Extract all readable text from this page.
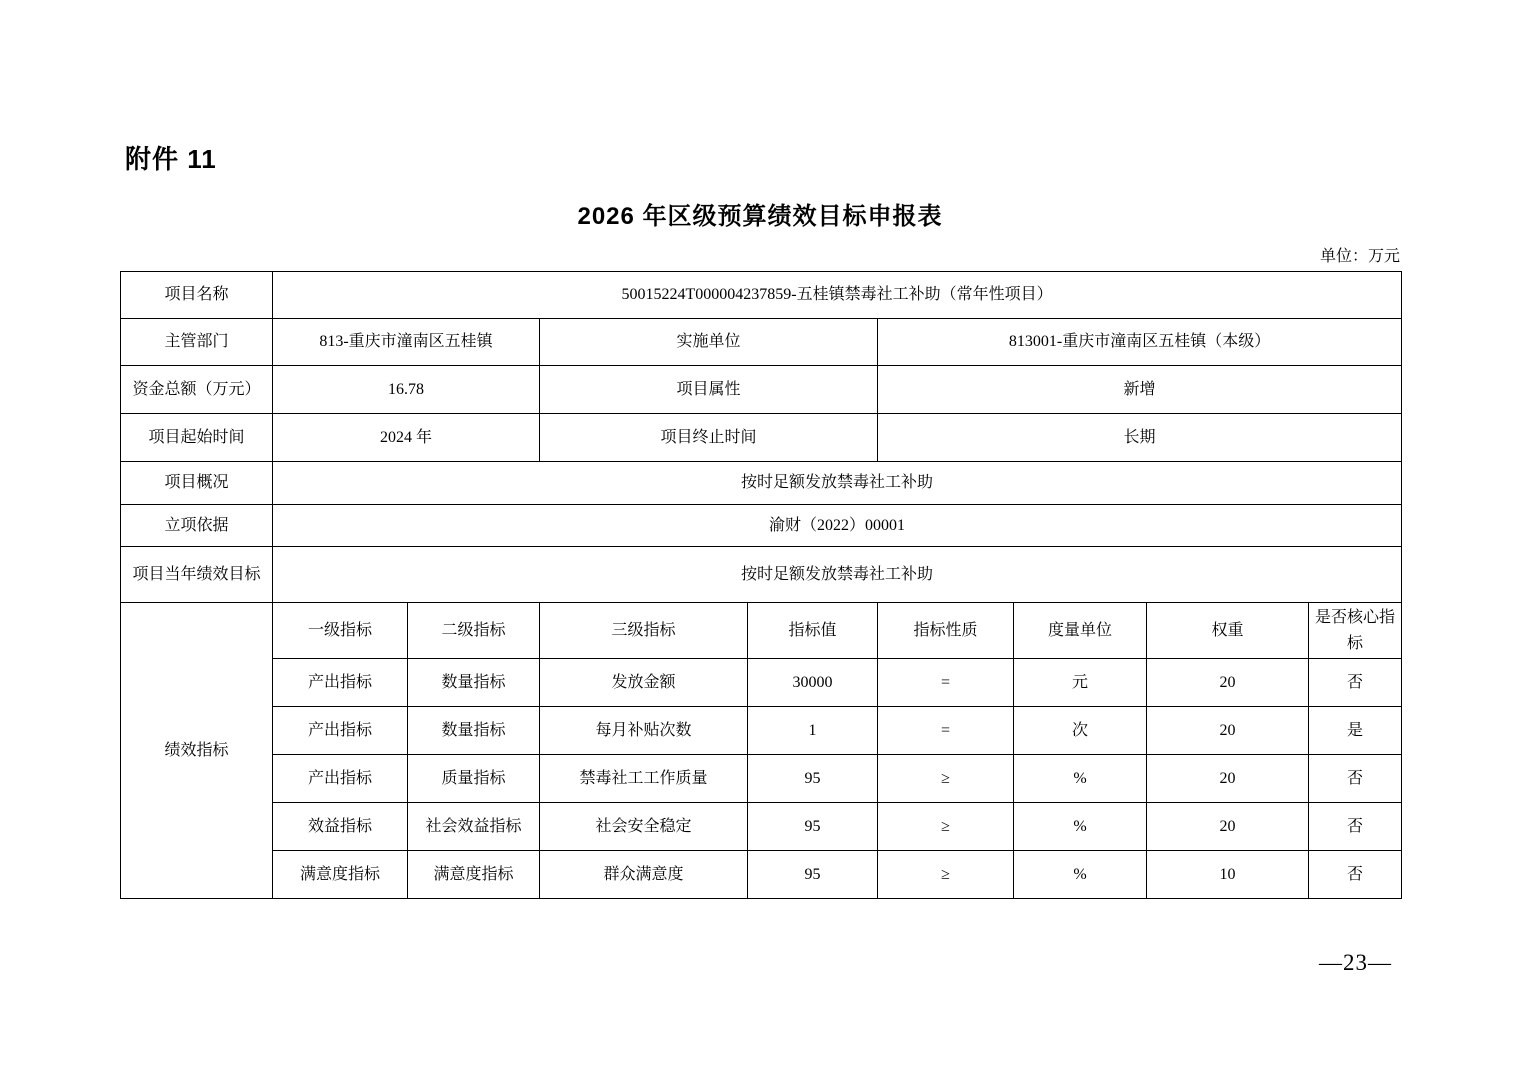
附件 11
2026 年区级预算绩效目标申报表
单位：万元
项目名称	50015224T000004237859-五桂镇禁毒社工补助（常年性项目）							
主管部门	813-重庆市潼南区五桂镇		实施单位		813001-重庆市潼南区五桂镇（本级）			
资金总额（万元）	16.78		项目属性		新增			
项目起始时间	2024 年		项目终止时间		长期			
项目概况	按时足额发放禁毒社工补助							
立项依据	渝财（2022）00001							
项目当年绩效目标	按时足额发放禁毒社工补助							
绩效指标	一级指标	二级指标	三级指标	指标值	指标性质	度量单位	权重	是否核心指标
	产出指标	数量指标	发放金额	30000	=	元	20	否
	产出指标	数量指标	每月补贴次数	1	=	次	20	是
	产出指标	质量指标	禁毒社工工作质量	95	≥	%	20	否
	效益指标	社会效益指标	社会安全稳定	95	≥	%	20	否
	满意度指标	满意度指标	群众满意度	95	≥	%	10	否
—23—
